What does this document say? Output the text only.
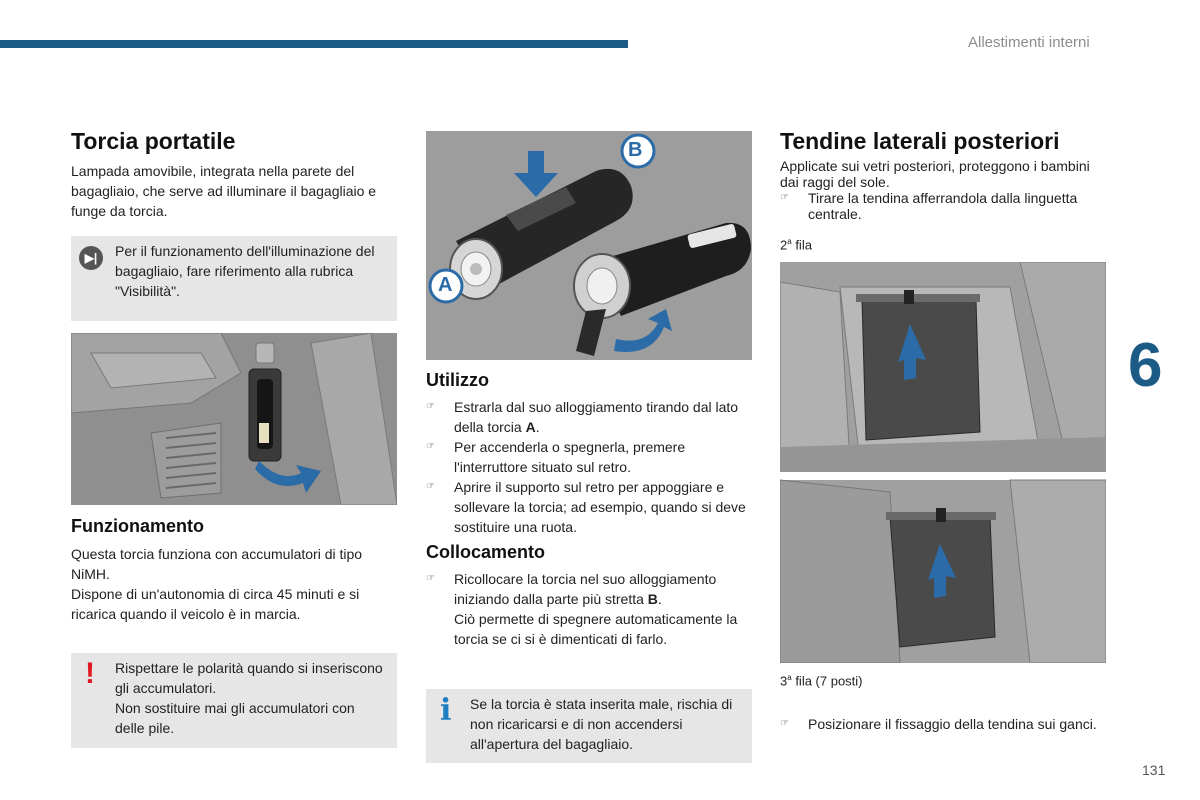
Allestimenti interni
6
131
Torcia portatile

Lampada amovibile, integrata nella parete del bagagliaio, che serve ad illuminare il bagagliaio e funge da torcia.

▶|	Per il funzionamento dell'illuminazione del bagagliaio, fare riferimento alla rubrica "Visibilità".

Funzionamento

Questa torcia funziona con accumulatori di tipo NiMH.

Dispone di un'autonomia di circa 45 minuti e si ricarica quando il veicolo è in marcia.

! Rispettare le polarità quando si inseriscono gli accumulatori.

Non sostituire mai gli accumulatori con delle pile.

B
A
Utilizzo
☞ Estrarla dal suo alloggiamento tirando dal lato della torcia A.
☞ Per accenderla o spegnerla, premere l'interruttore situato sul retro.
☞ Aprire il supporto sul retro per appoggiare e sollevare la torcia; ad esempio, quando si deve sostituire una ruota.
Collocamento
☞ Ricollocare la torcia nel suo alloggiamento iniziando dalla parte più stretta B.
Ciò permette di spegnere automaticamente la torcia se ci si è dimenticati di farlo.
i Se la torcia è stata inserita male, rischia di non ricaricarsi e di non accendersi all'apertura del bagagliaio.

Tendine laterali posteriori

Applicate sui vetri posteriori, proteggono i bambini dai raggi del sole.

☞ Tirare la tendina afferrandola dalla linguetta centrale.

2$^a$ fila

3$^a$ fila (7 posti)

☞ Posizionare il fissaggio della tendina sui ganci.
